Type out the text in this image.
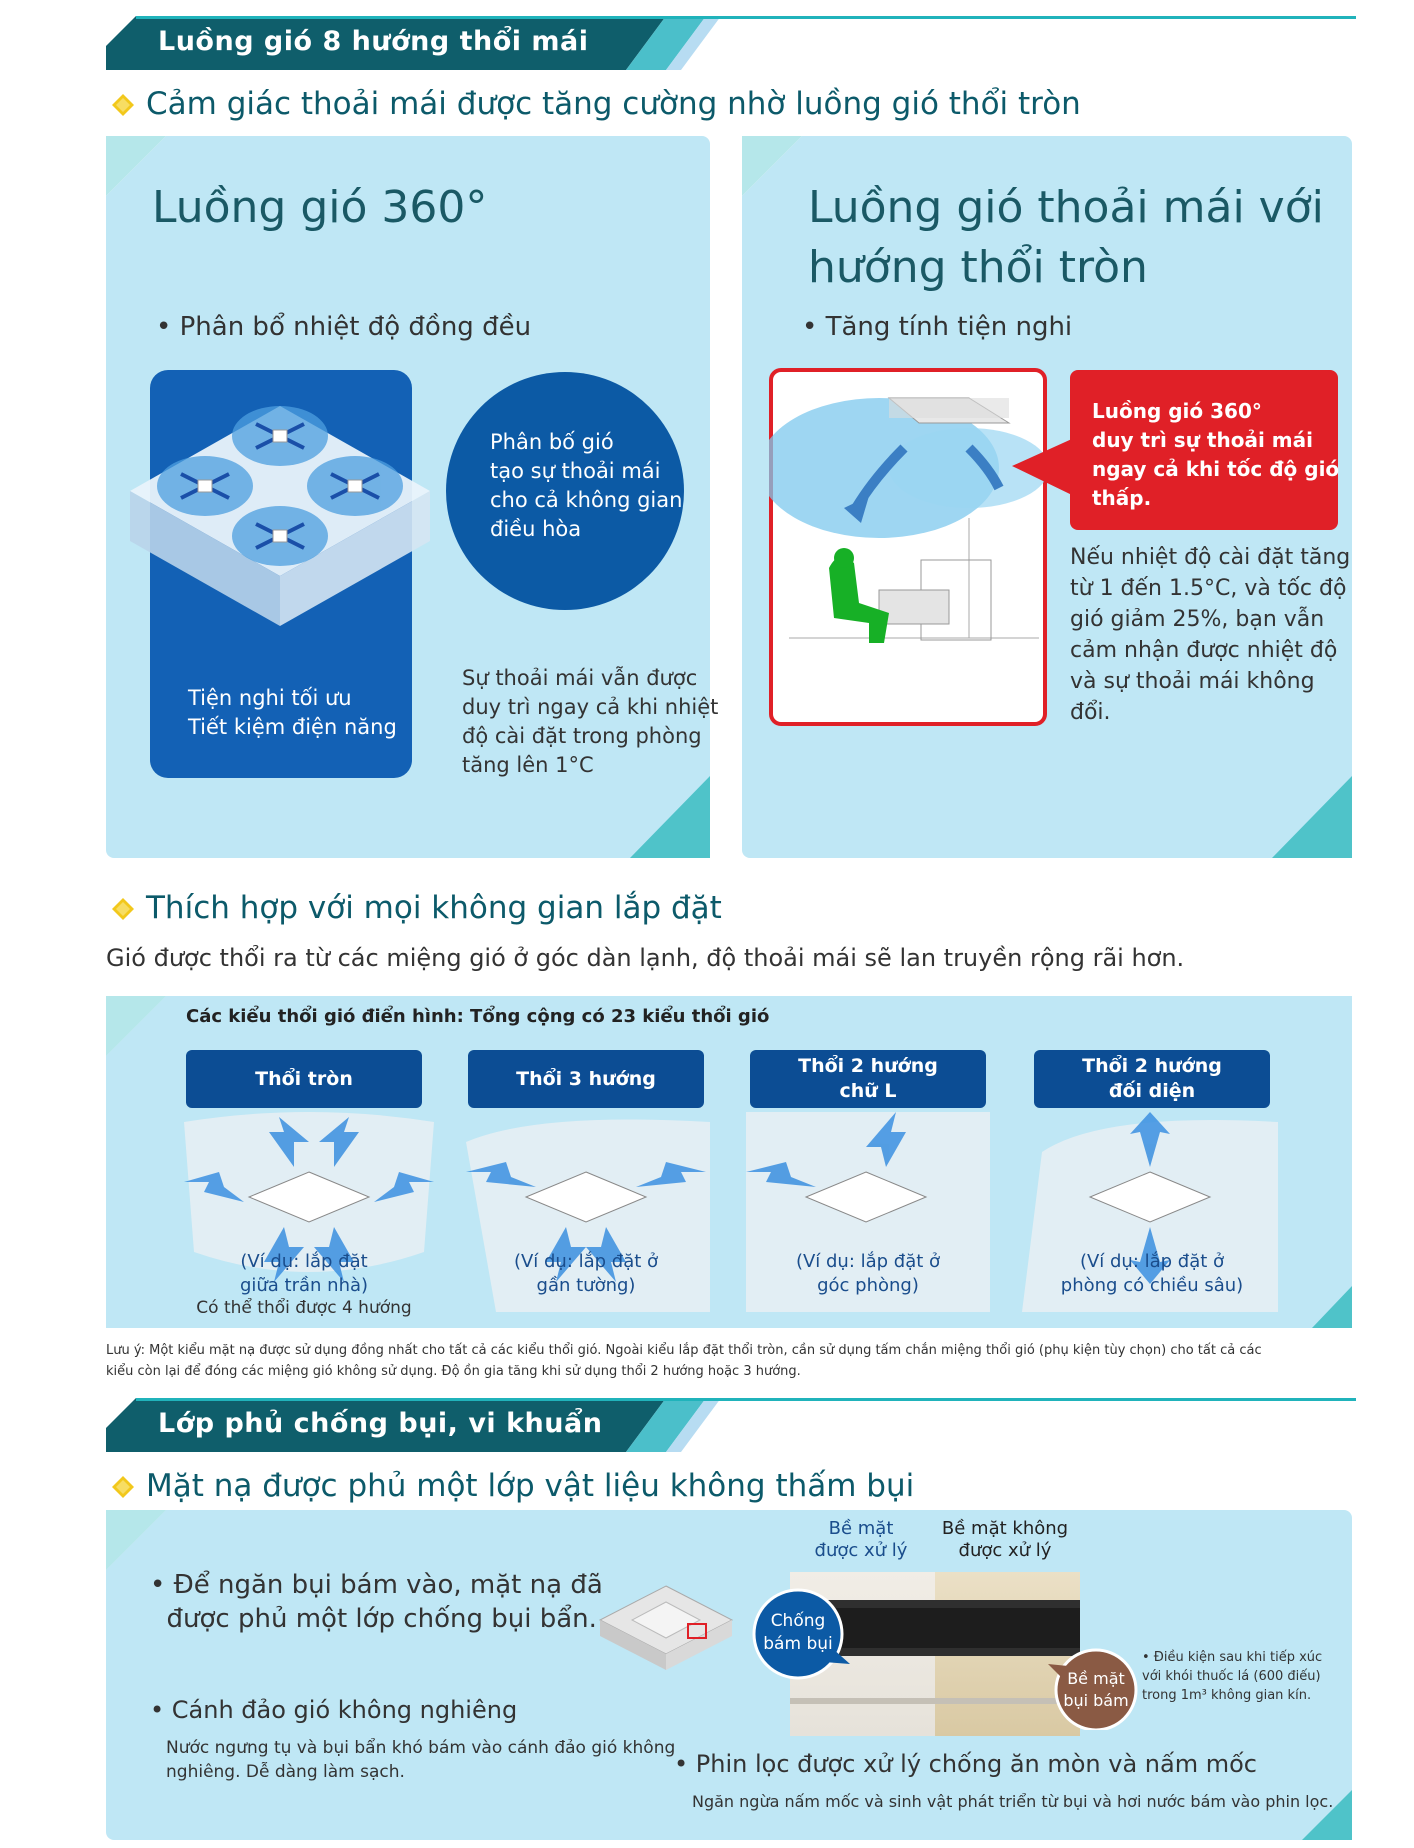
Luồng gió 8 hướng thổi mái
Cảm giác thoải mái được tăng cường nhờ luồng gió thổi tròn
Luồng gió 360°
• Phân bổ nhiệt độ đồng đều
Tiện nghi tối ưu
Tiết kiệm điện năng
Phân bố gió
tạo sự thoải mái
cho cả không gian
điều hòa
Sự thoải mái vẫn được
duy trì ngay cả khi nhiệt
độ cài đặt trong phòng
tăng lên 1°C
Luồng gió thoải mái với
hướng thổi tròn
• Tăng tính tiện nghi
Luồng gió 360°
duy trì sự thoải mái
ngay cả khi tốc độ gió
thấp.
Nếu nhiệt độ cài đặt tăng
từ 1 đến 1.5°C, và tốc độ
gió giảm 25%, bạn vẫn
cảm nhận được nhiệt độ
và sự thoải mái không
đổi.
Thích hợp với mọi không gian lắp đặt
Gió được thổi ra từ các miệng gió ở góc dàn lạnh, độ thoải mái sẽ lan truyền rộng rãi hơn.
Các kiểu thổi gió điển hình: Tổng cộng có 23 kiểu thổi gió
Thổi tròn	Thổi 3 hướng
Thổi 2 hướng
chữ L
Thổi 2 hướng
đối diện
(Ví dụ: lắp đặt
giữa trần nhà)
Có thể thổi được 4 hướng
(Ví dụ: lắp đặt ở
gần tường)
(Ví dụ: lắp đặt ở
góc phòng)
(Ví dụ: lắp đặt ở
phòng có chiều sâu)
Lưu ý: Một kiểu mặt nạ được sử dụng đồng nhất cho tất cả các kiểu thổi gió. Ngoài kiểu lắp đặt thổi tròn, cần sử dụng tấm chắn miệng thổi gió (phụ kiện tùy chọn) cho tất cả các
kiểu còn lại để đóng các miệng gió không sử dụng. Độ ồn gia tăng khi sử dụng thổi 2 hướng hoặc 3 hướng.
Lớp phủ chống bụi, vi khuẩn
Mặt nạ được phủ một lớp vật liệu không thấm bụi
• Để ngăn bụi bám vào, mặt nạ đã
được phủ một lớp chống bụi bẩn.
• Cánh đảo gió không nghiêng
Nước ngưng tụ và bụi bẩn khó bám vào cánh đảo gió không
nghiêng. Dễ dàng làm sạch.
Bề mặt
được xử lý
Bề mặt không
được xử lý
Chống
bám bụi
Bề mặt
bụi bám
• Điều kiện sau khi tiếp xúc
với khói thuốc lá (600 điếu)
trong 1m³ không gian kín.
• Phin lọc được xử lý chống ăn mòn và nấm mốc
Ngăn ngừa nấm mốc và sinh vật phát triển từ bụi và hơi nước bám vào phin lọc.
